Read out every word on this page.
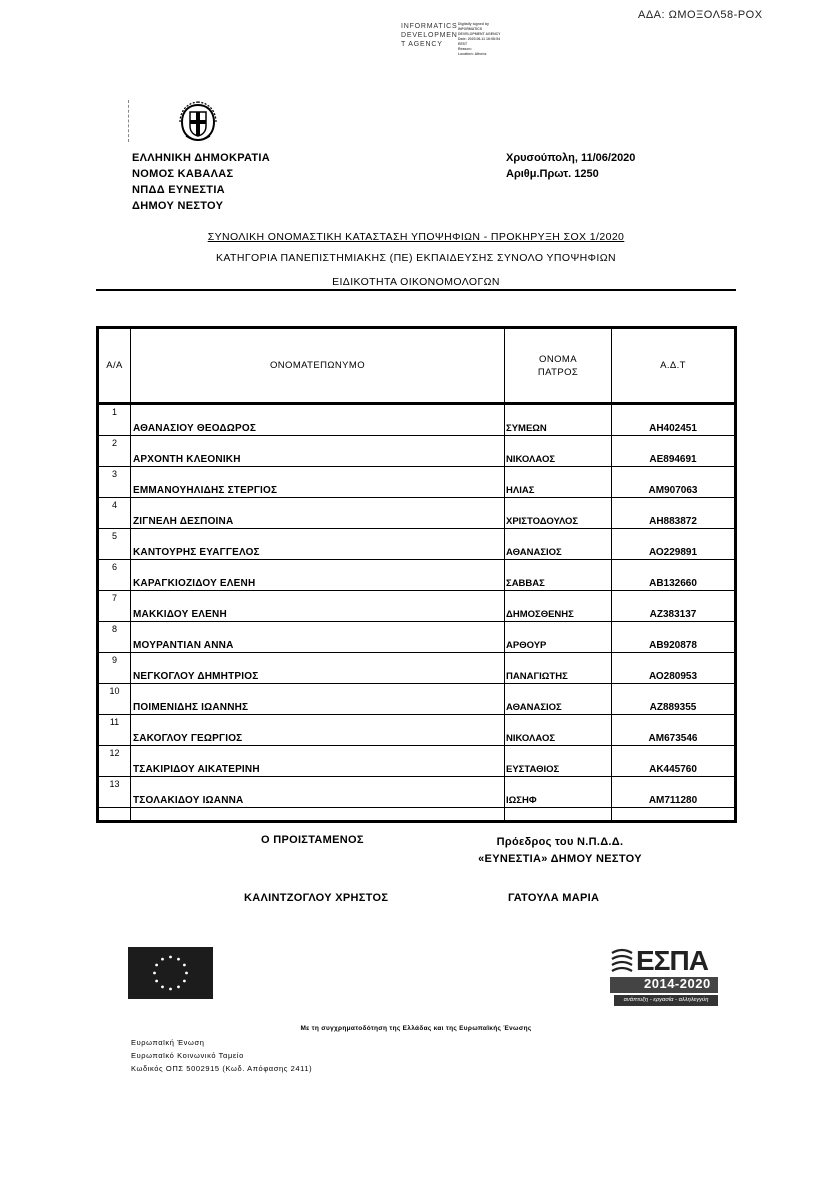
ΑΔΑ: ΩΜΟΞΟΛ58-ΡΟΧ
INFORMATICS
DEVELOPMEN
T AGENCY
Digitally signed by
INFORMATICS
DEVELOPMENT AGENCY
Date: 2020.06.11 16:08:54
EEST
Reason:
Location: Athens
ΕΛΛΗΝΙΚΗ ΔΗΜΟΚΡΑΤΙΑ
ΝΟΜΟΣ ΚΑΒΑΛΑΣ
ΝΠΔΔ ΕΥΝΕΣΤΙΑ
ΔΗΜΟΥ ΝΕΣΤΟΥ
Χρυσούπολη, 11/06/2020
Αριθμ.Πρωτ. 1250
ΣΥΝΟΛΙΚΗ ΟΝΟΜΑΣΤΙΚΗ ΚΑΤΑΣΤΑΣΗ ΥΠΟΨΗΦΙΩΝ - ΠΡΟΚΗΡΥΞΗ ΣΟΧ 1/2020
ΚΑΤΗΓΟΡΙΑ ΠΑΝΕΠΙΣΤΗΜΙΑΚΗΣ (ΠΕ) ΕΚΠΑΙΔΕΥΣΗΣ ΣΥΝΟΛΟ ΥΠΟΨΗΦΙΩΝ
ΕΙΔΙΚΟΤΗΤΑ ΟΙΚΟΝΟΜΟΛΟΓΩΝ
Α/Α	ΟΝΟΜΑΤΕΠΩΝΥΜΟ	ΟΝΟΜΑ
ΠΑΤΡΟΣ	Α.Δ.Τ
1	ΑΘΑΝΑΣΙΟΥ ΘΕΟΔΩΡΟΣ	ΣΥΜΕΩΝ	ΑΗ402451
2	ΑΡΧΟΝΤΗ ΚΛΕΟΝΙΚΗ	ΝΙΚΟΛΑΟΣ	ΑΕ894691
3	ΕΜΜΑΝΟΥΗΛΙΔΗΣ ΣΤΕΡΓΙΟΣ	ΗΛΙΑΣ	ΑΜ907063
4	ΖΙΓΝΕΛΗ ΔΕΣΠΟΙΝΑ	ΧΡΙΣΤΟΔΟΥΛΟΣ	ΑΗ883872
5	ΚΑΝΤΟΥΡΗΣ ΕΥΑΓΓΕΛΟΣ	ΑΘΑΝΑΣΙΟΣ	ΑΟ229891
6	ΚΑΡΑΓΚΙΟΖΙΔΟΥ ΕΛΕΝΗ	ΣΑΒΒΑΣ	ΑΒ132660
7	ΜΑΚΚΙΔΟΥ ΕΛΕΝΗ	ΔΗΜΟΣΘΕΝΗΣ	ΑΖ383137
8	ΜΟΥΡΑΝΤΙΑΝ ΑΝΝΑ	ΑΡΘΟΥΡ	ΑΒ920878
9	ΝΕΓΚΟΓΛΟΥ ΔΗΜΗΤΡΙΟΣ	ΠΑΝΑΓΙΩΤΗΣ	ΑΟ280953
10	ΠΟΙΜΕΝΙΔΗΣ ΙΩΑΝΝΗΣ	ΑΘΑΝΑΣΙΟΣ	ΑΖ889355
11	ΣΑΚΟΓΛΟΥ ΓΕΩΡΓΙΟΣ	ΝΙΚΟΛΑΟΣ	ΑΜ673546
12	ΤΣΑΚΙΡΙΔΟΥ ΑΙΚΑΤΕΡΙΝΗ	ΕΥΣΤΑΘΙΟΣ	ΑΚ445760
13	ΤΣΟΛΑΚΙΔΟΥ ΙΩΑΝΝΑ	ΙΩΣΗΦ	ΑΜ711280

Ο ΠΡΟΙΣΤΑΜΕΝΟΣ	Πρόεδρος του Ν.Π.Δ.Δ.
«ΕΥΝΕΣΤΙΑ» ΔΗΜΟΥ ΝΕΣΤΟΥ
ΚΑΛΙΝΤΖΟΓΛΟΥ ΧΡΗΣΤΟΣ	ΓΑΤΟΥΛΑ ΜΑΡΙΑ
ΕΣΠΑ
2014-2020
ανάπτυξη - εργασία - αλληλεγγύη
Με τη συγχρηματοδότηση της Ελλάδας και της Ευρωπαϊκής Ένωσης
Ευρωπαϊκή Ένωση
Ευρωπαϊκό Κοινωνικό Ταμείο
Κωδικός ΟΠΣ 5002915 (Κωδ. Απόφασης 2411)
